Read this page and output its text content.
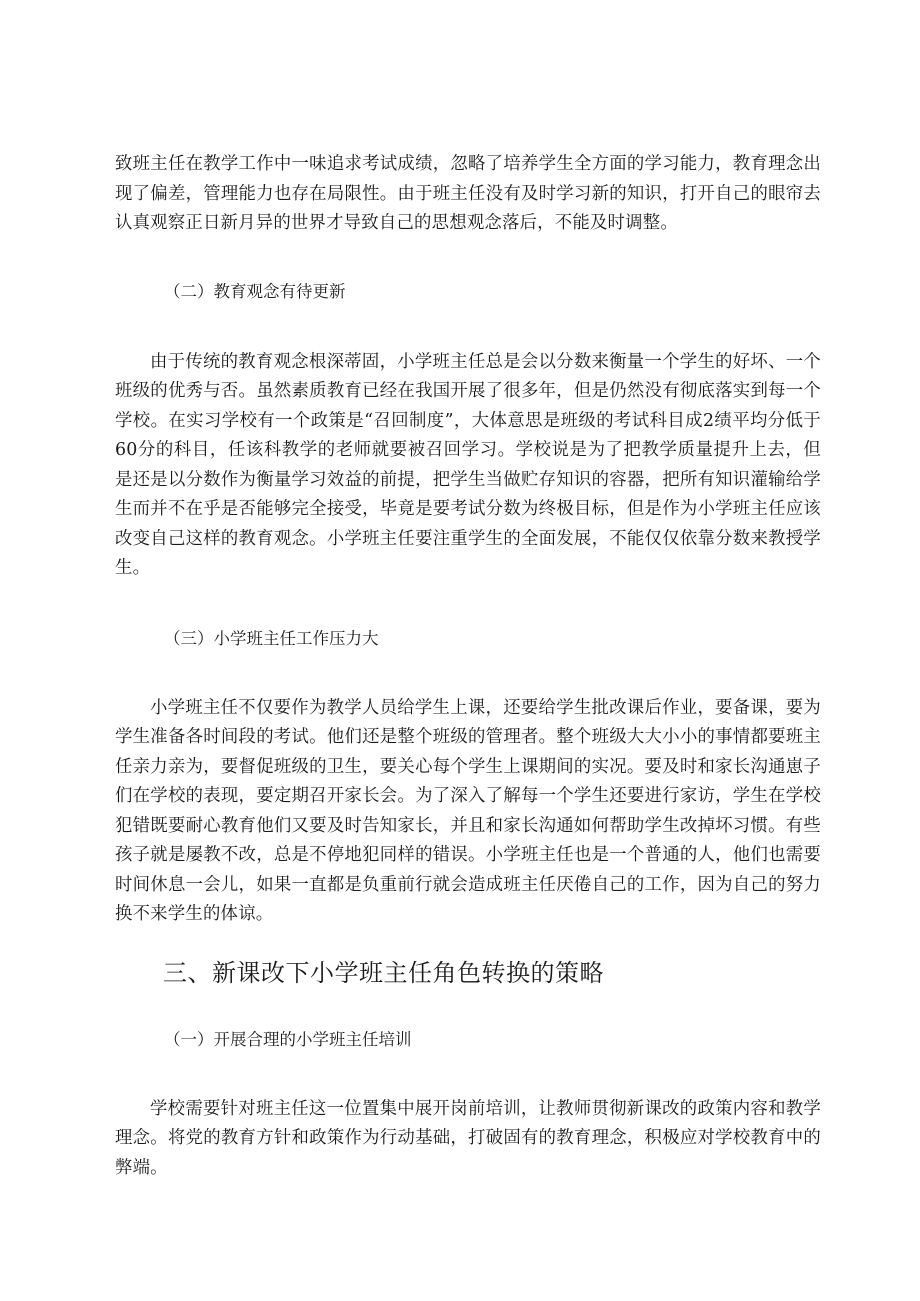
致班主任在教学工作中一味追求考试成绩，忽略了培养学生全方面的学习能力，教育理念出现了偏差，管理能力也存在局限性。由于班主任没有及时学习新的知识，打开自己的眼帘去认真观察正日新月异的世界才导致自己的思想观念落后，不能及时调整。

（二）教育观念有待更新

由于传统的教育观念根深蒂固，小学班主任总是会以分数来衡量一个学生的好坏、一个班级的优秀与否。虽然素质教育已经在我国开展了很多年，但是仍然没有彻底落实到每一个学校。在实习学校有一个政策是“召回制度”，大体意思是班级的考试科目成2绩平均分低于60分的科目，任该科教学的老师就要被召回学习。学校说是为了把教学质量提升上去，但是还是以分数作为衡量学习效益的前提，把学生当做贮存知识的容器，把所有知识灌输给学生而并不在乎是否能够完全接受，毕竟是要考试分数为终极目标，但是作为小学班主任应该改变自己这样的教育观念。小学班主任要注重学生的全面发展，不能仅仅依靠分数来教授学生。

（三）小学班主任工作压力大

小学班主任不仅要作为教学人员给学生上课，还要给学生批改课后作业，要备课，要为学生准备各时间段的考试。他们还是整个班级的管理者。整个班级大大小小的事情都要班主任亲力亲为，要督促班级的卫生，要关心每个学生上课期间的实况。要及时和家长沟通崽子们在学校的表现，要定期召开家长会。为了深入了解每一个学生还要进行家访，学生在学校犯错既要耐心教育他们又要及时告知家长，并且和家长沟通如何帮助学生改掉坏习惯。有些孩子就是屡教不改，总是不停地犯同样的错误。小学班主任也是一个普通的人，他们也需要时间休息一会儿，如果一直都是负重前行就会造成班主任厌倦自己的工作，因为自己的努力换不来学生的体谅。

三、新课改下小学班主任角色转换的策略

（一）开展合理的小学班主任培训

学校需要针对班主任这一位置集中展开岗前培训，让教师贯彻新课改的政策内容和教学理念。将党的教育方针和政策作为行动基础，打破固有的教育理念，积极应对学校教育中的弊端。
